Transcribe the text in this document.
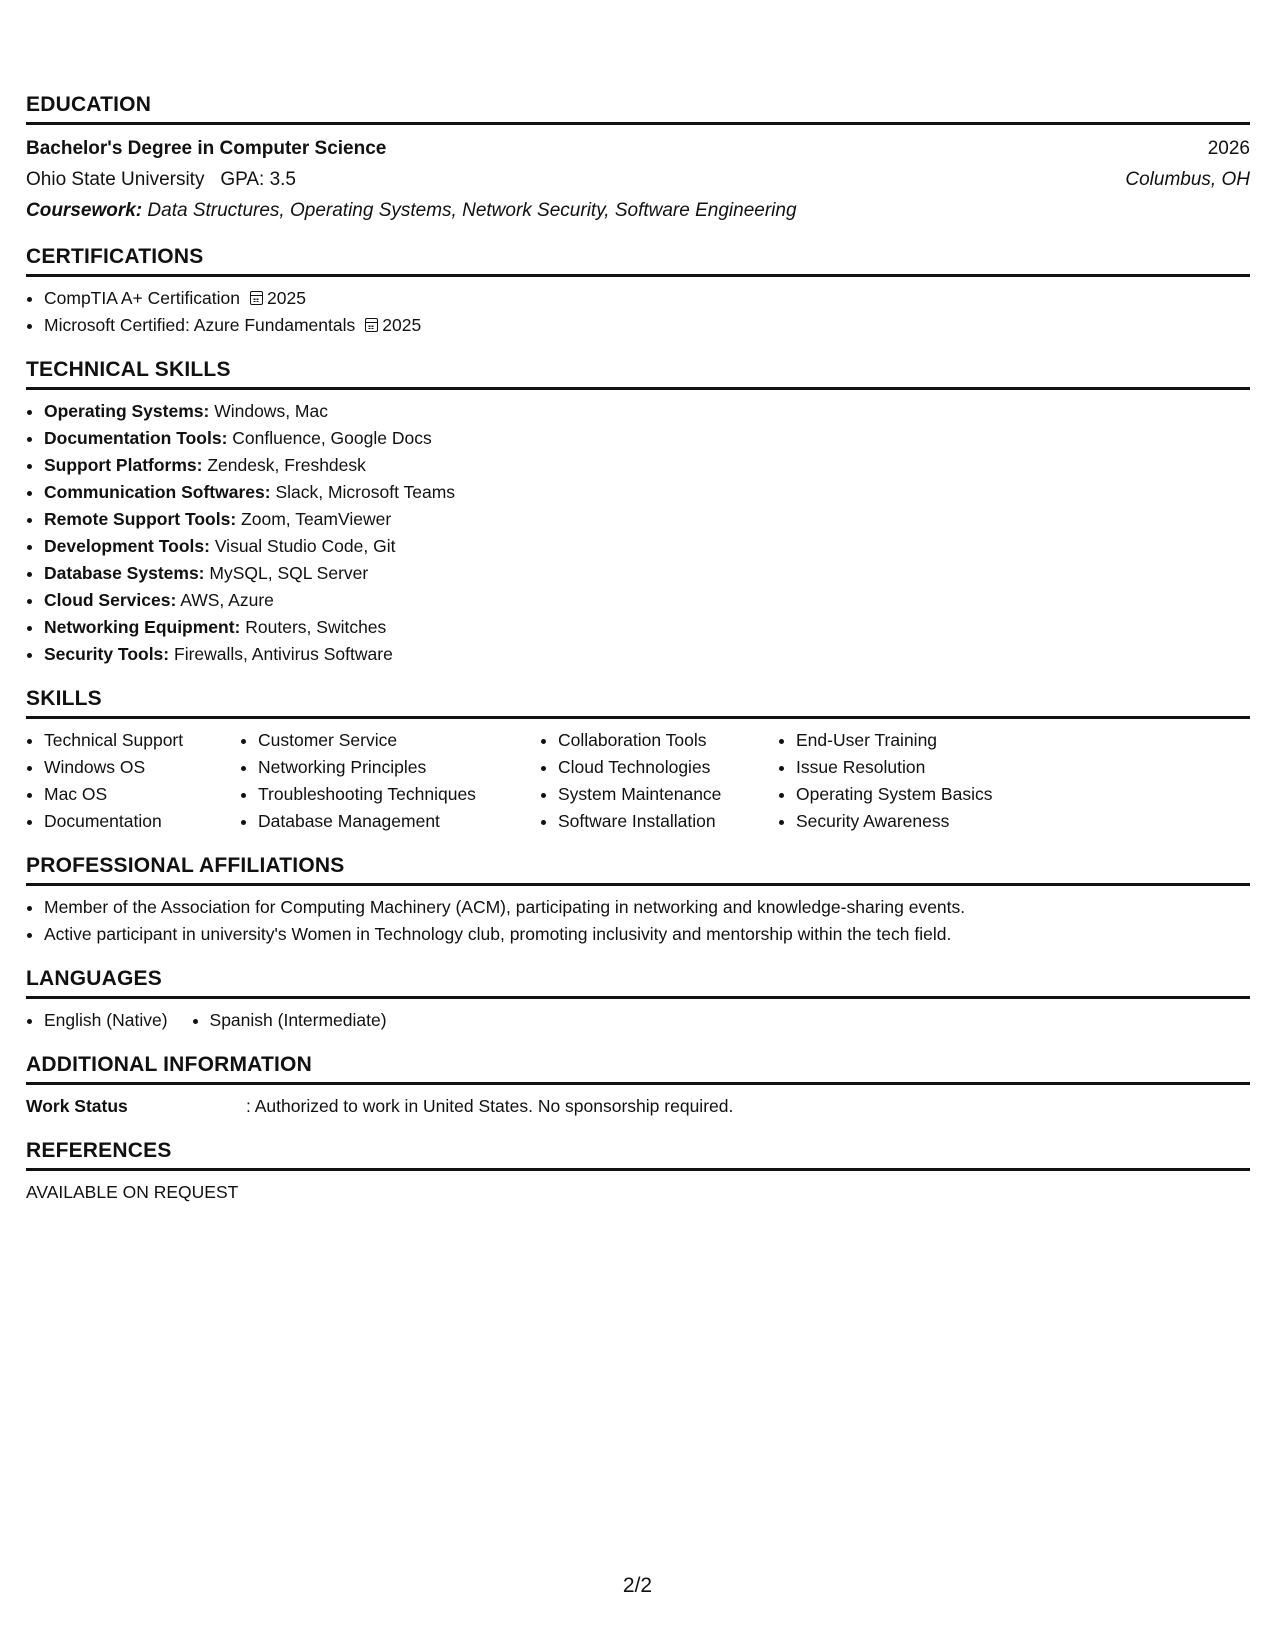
EDUCATION
Bachelor's Degree in Computer Science	2026
Ohio State University GPA: 3.5	Columbus, OH
Coursework: Data Structures, Operating Systems, Network Security, Software Engineering
CERTIFICATIONS
• CompTIA A+ Certification 2025
• Microsoft Certified: Azure Fundamentals 2025
TECHNICAL SKILLS
• Operating Systems: Windows, Mac
• Documentation Tools: Confluence, Google Docs
• Support Platforms: Zendesk, Freshdesk
• Communication Softwares: Slack, Microsoft Teams
• Remote Support Tools: Zoom, TeamViewer
• Development Tools: Visual Studio Code, Git
• Database Systems: MySQL, SQL Server
• Cloud Services: AWS, Azure
• Networking Equipment: Routers, Switches
• Security Tools: Firewalls, Antivirus Software
SKILLS
• Technical Support
• Windows OS
• Mac OS
• Documentation
• Customer Service
• Networking Principles
• Troubleshooting Techniques
• Database Management
• Collaboration Tools
• Cloud Technologies
• System Maintenance
• Software Installation
• End-User Training
• Issue Resolution
• Operating System Basics
• Security Awareness
PROFESSIONAL AFFILIATIONS
• Member of the Association for Computing Machinery (ACM), participating in networking and knowledge-sharing events.
• Active participant in university's Women in Technology club, promoting inclusivity and mentorship within the tech field.
LANGUAGES
• English (Native)
• Spanish (Intermediate)
ADDITIONAL INFORMATION
Work Status	: Authorized to work in United States. No sponsorship required.
REFERENCES
AVAILABLE ON REQUEST
2/2
